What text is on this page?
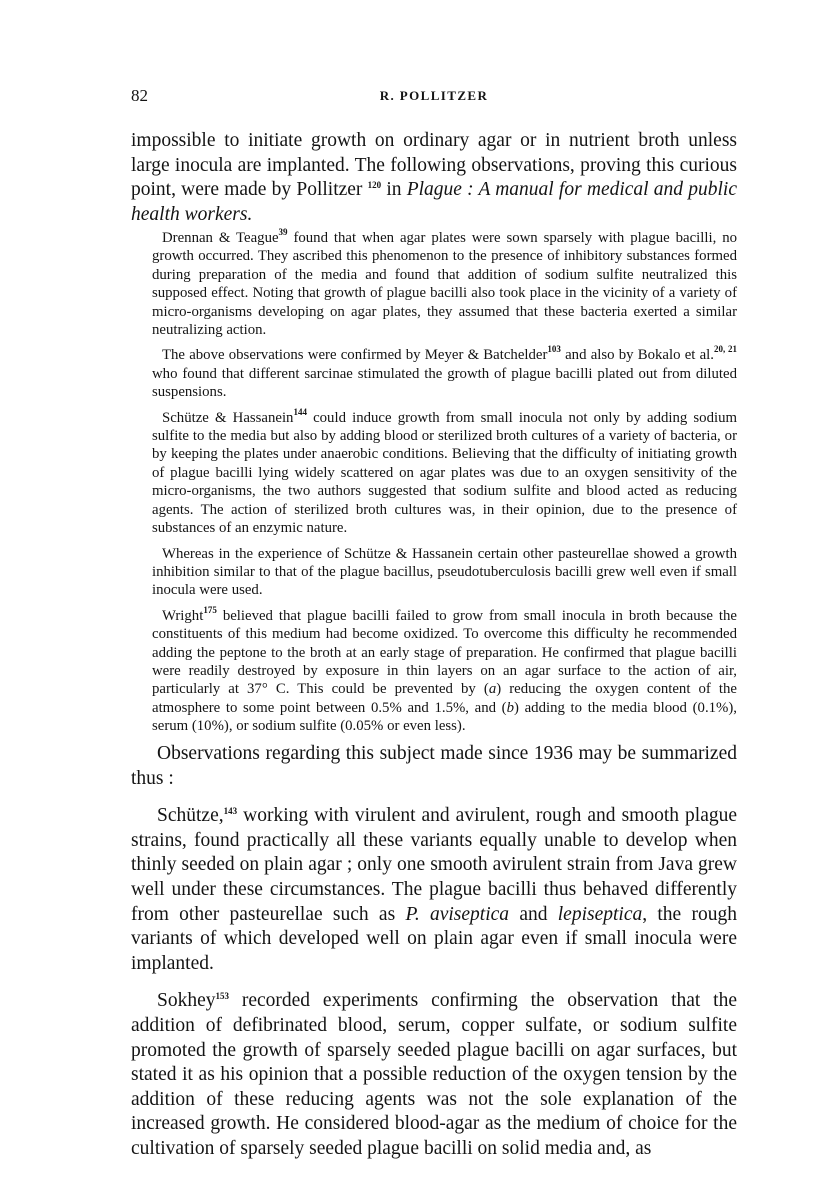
82	R. POLLITZER

impossible to initiate growth on ordinary agar or in nutrient broth unless large inocula are implanted. The following observations, proving this curious point, were made by Pollitzer $^{120}$ in Plague : A manual for medical and public health workers.

Drennan & Teague$^{39}$ found that when agar plates were sown sparsely with plague bacilli, no growth occurred. They ascribed this phenomenon to the presence of inhibitory substances formed during preparation of the media and found that addition of sodium sulfite neutralized this supposed effect. Noting that growth of plague bacilli also took place in the vicinity of a variety of micro-organisms developing on agar plates, they assumed that these bacteria exerted a similar neutralizing action.

The above observations were confirmed by Meyer & Batchelder$^{103}$ and also by Bokalo et al.$^{20, 21}$ who found that different sarcinae stimulated the growth of plague bacilli plated out from diluted suspensions.

Schütze & Hassanein$^{144}$ could induce growth from small inocula not only by adding sodium sulfite to the media but also by adding blood or sterilized broth cultures of a variety of bacteria, or by keeping the plates under anaerobic conditions. Believing that the difficulty of initiating growth of plague bacilli lying widely scattered on agar plates was due to an oxygen sensitivity of the micro-organisms, the two authors suggested that sodium sulfite and blood acted as reducing agents. The action of sterilized broth cultures was, in their opinion, due to the presence of substances of an enzymic nature.

Whereas in the experience of Schütze & Hassanein certain other pasteurellae showed a growth inhibition similar to that of the plague bacillus, pseudotuberculosis bacilli grew well even if small inocula were used.

Wright$^{175}$ believed that plague bacilli failed to grow from small inocula in broth because the constituents of this medium had become oxidized. To overcome this difficulty he recommended adding the peptone to the broth at an early stage of preparation. He confirmed that plague bacilli were readily destroyed by exposure in thin layers on an agar surface to the action of air, particularly at 37° C. This could be prevented by (a) reducing the oxygen content of the atmosphere to some point between 0.5% and 1.5%, and (b) adding to the media blood (0.1%), serum (10%), or sodium sulfite (0.05% or even less).

Observations regarding this subject made since 1936 may be summarized thus :

Schütze,$^{143}$ working with virulent and avirulent, rough and smooth plague strains, found practically all these variants equally unable to develop when thinly seeded on plain agar ; only one smooth avirulent strain from Java grew well under these circumstances. The plague bacilli thus behaved differently from other pasteurellae such as P. aviseptica and lepiseptica, the rough variants of which developed well on plain agar even if small inocula were implanted.

Sokhey$^{153}$ recorded experiments confirming the observation that the addition of defibrinated blood, serum, copper sulfate, or sodium sulfite promoted the growth of sparsely seeded plague bacilli on agar surfaces, but stated it as his opinion that a possible reduction of the oxygen tension by the addition of these reducing agents was not the sole explanation of the increased growth. He considered blood-agar as the medium of choice for the cultivation of sparsely seeded plague bacilli on solid media and, as
